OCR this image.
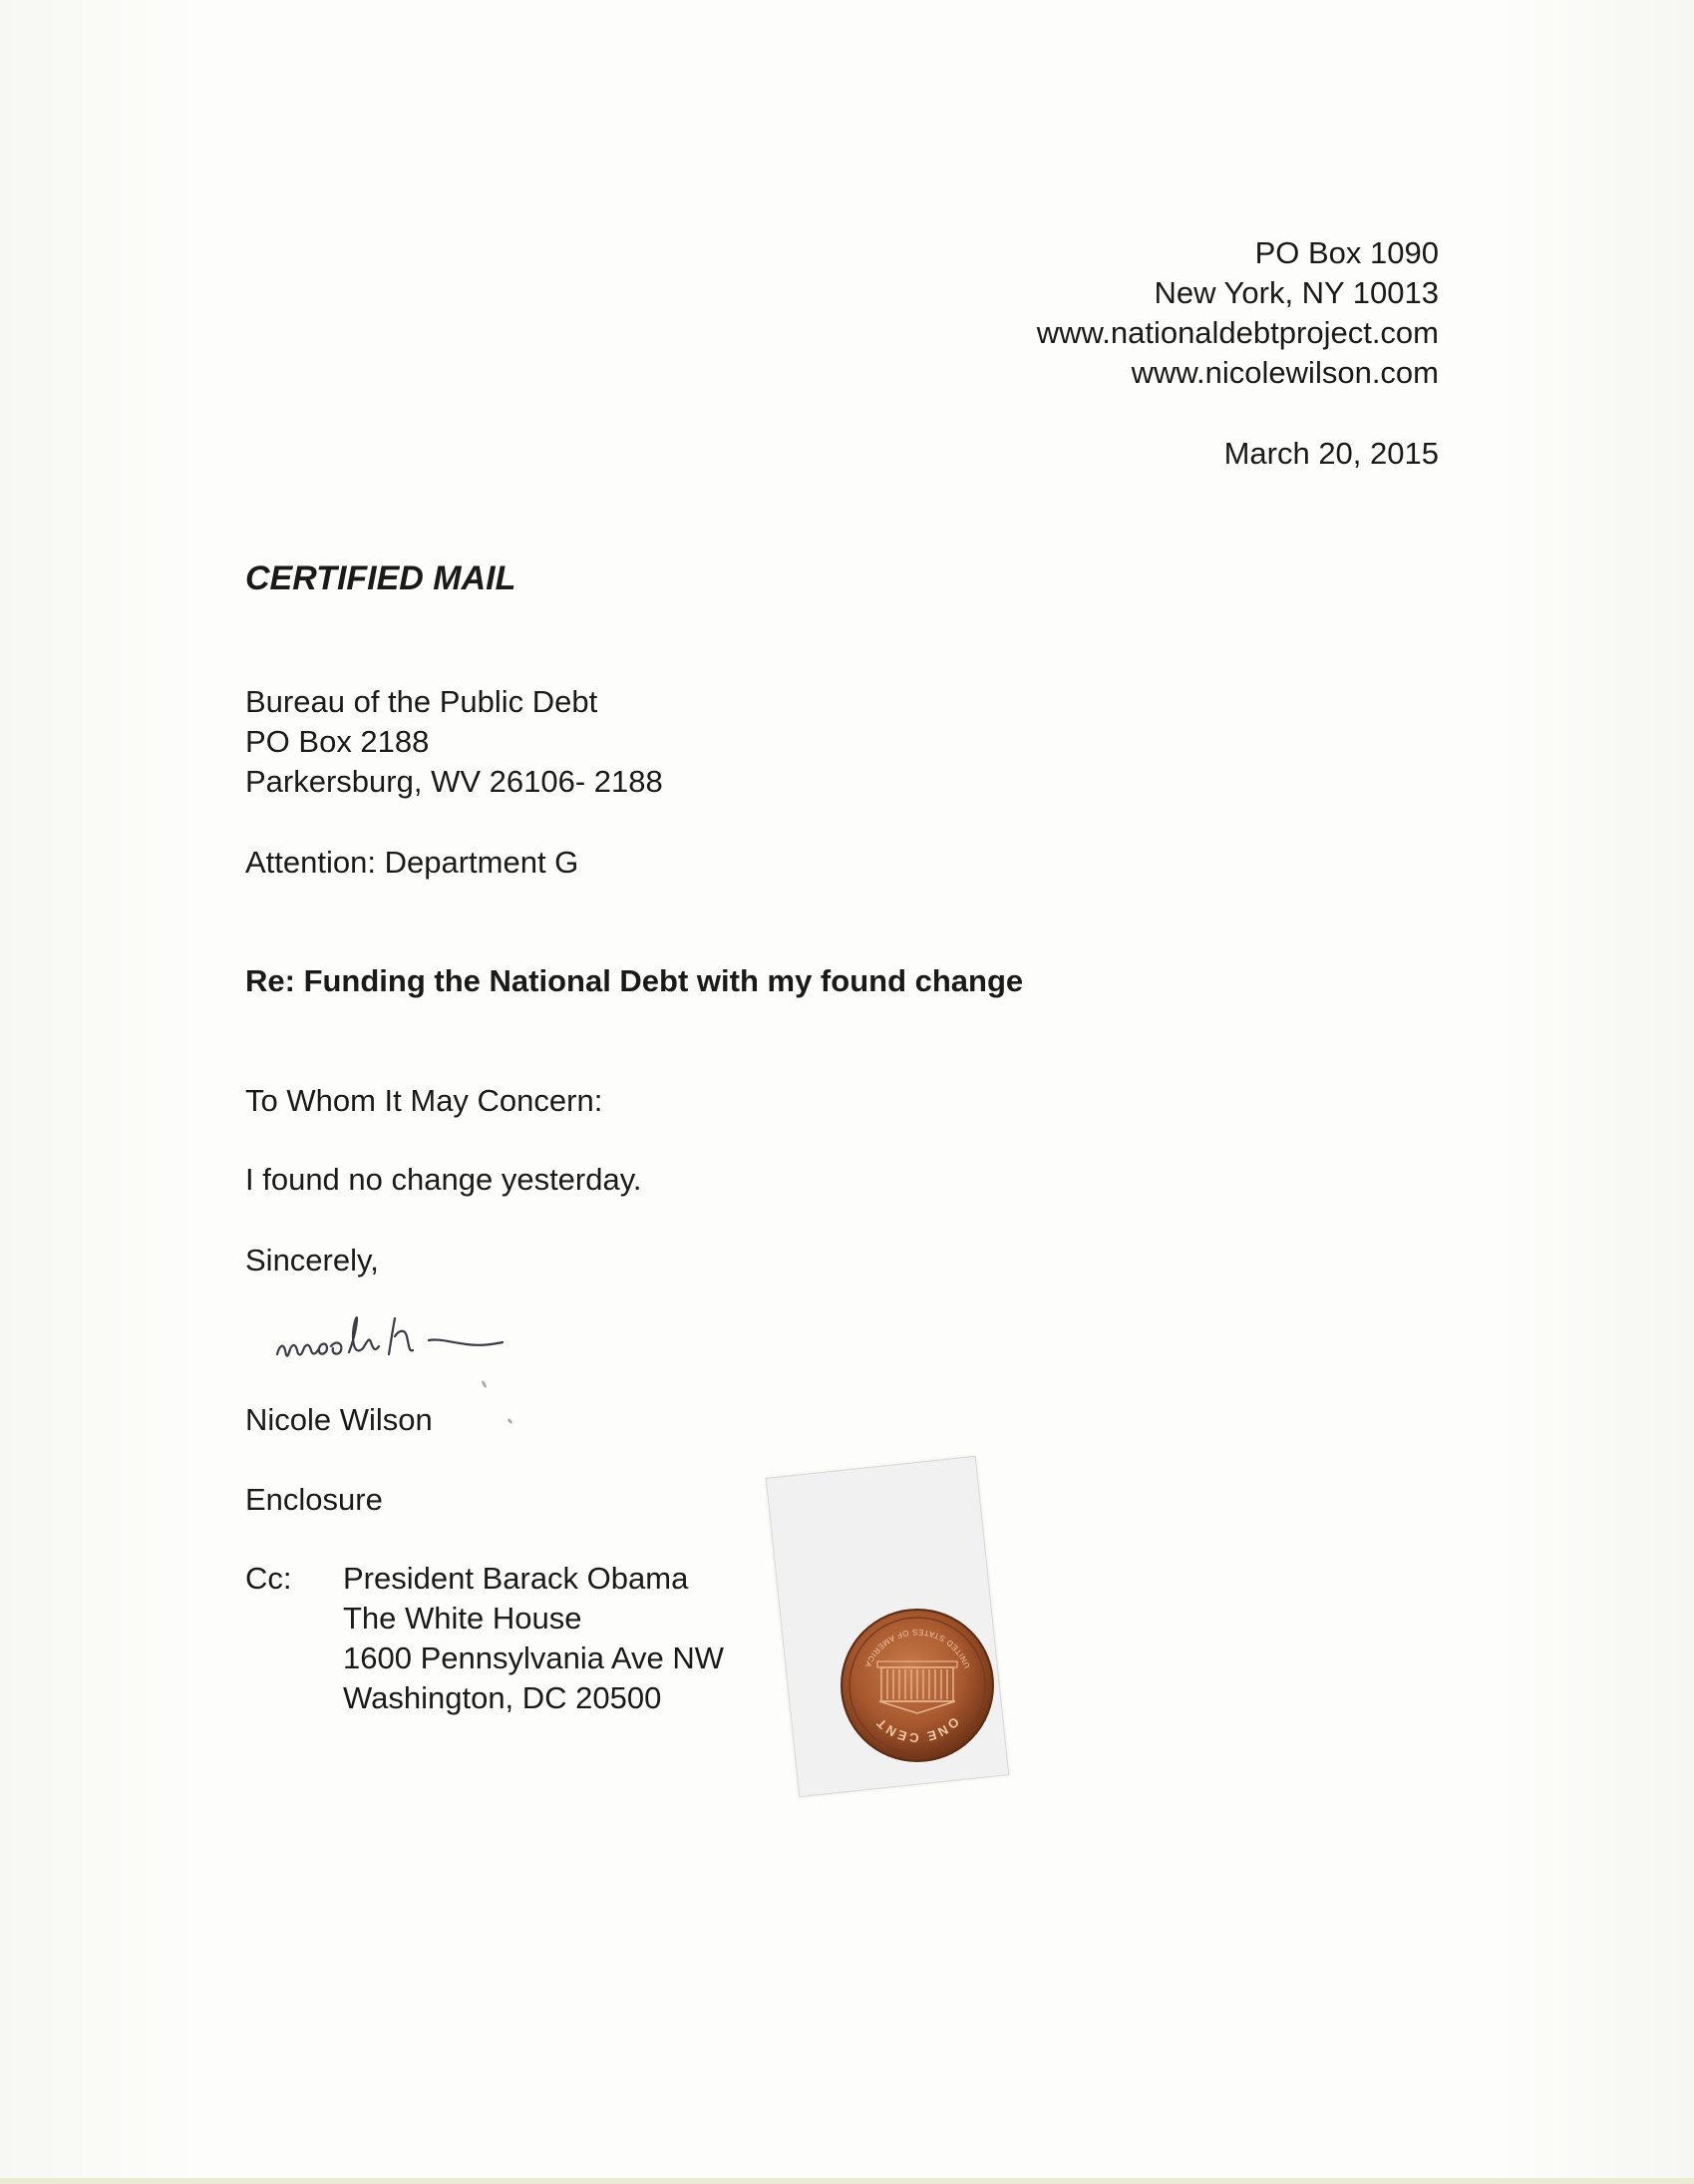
PO Box 1090
New York, NY 10013
www.nationaldebtproject.com
www.nicolewilson.com
March 20, 2015
CERTIFIED MAIL
Bureau of the Public Debt
PO Box 2188
Parkersburg, WV 26106- 2188
Attention: Department G
Re: Funding the National Debt with my found change
To Whom It May Concern:
I found no change yesterday.
Sincerely,
Nicole Wilson
Enclosure
Cc: President Barack Obama
The White House
1600 Pennsylvania Ave NW
Washington, DC 20500
ONE CENT
UNITED STATES OF AMERICA
